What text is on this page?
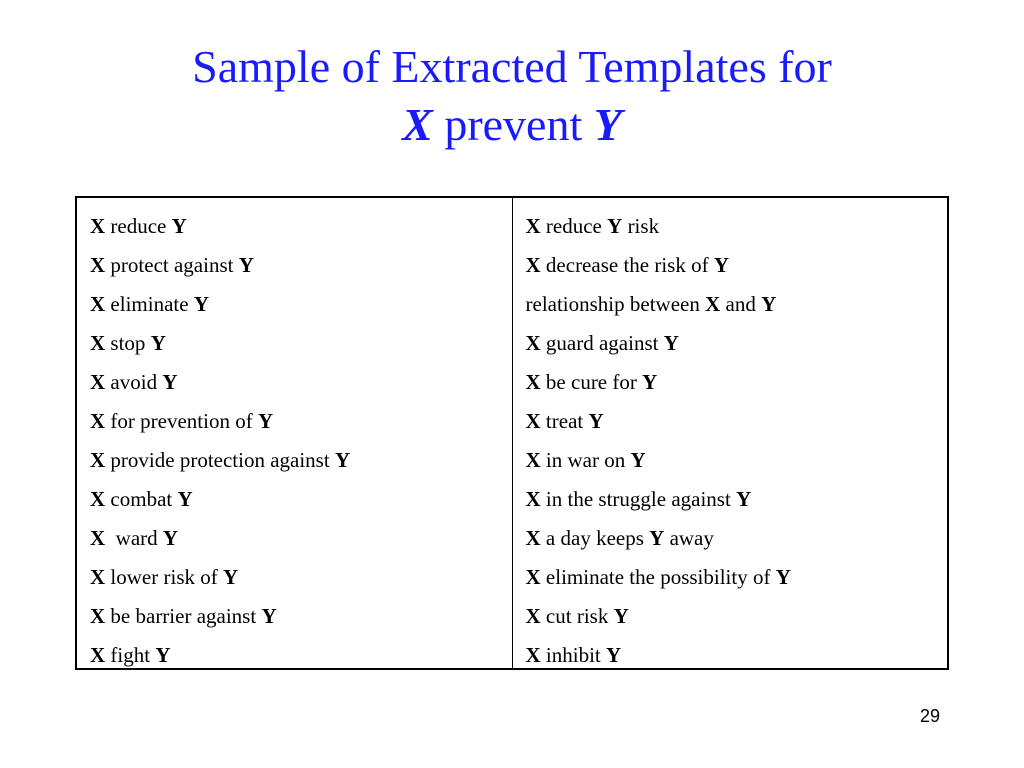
Sample of Extracted Templates for
X prevent Y
X reduce Y
X protect against Y
X eliminate Y
X stop Y
X avoid Y
X for prevention of Y
X provide protection against Y
X combat Y
X  ward Y
X lower risk of Y
X be barrier against Y
X fight Y
X reduce Y risk
X decrease the risk of Y
relationship between X and Y
X guard against Y
X be cure for Y
X treat Y
X in war on Y
X in the struggle against Y
X a day keeps Y away
X eliminate the possibility of Y
X cut risk Y
X inhibit Y
29
